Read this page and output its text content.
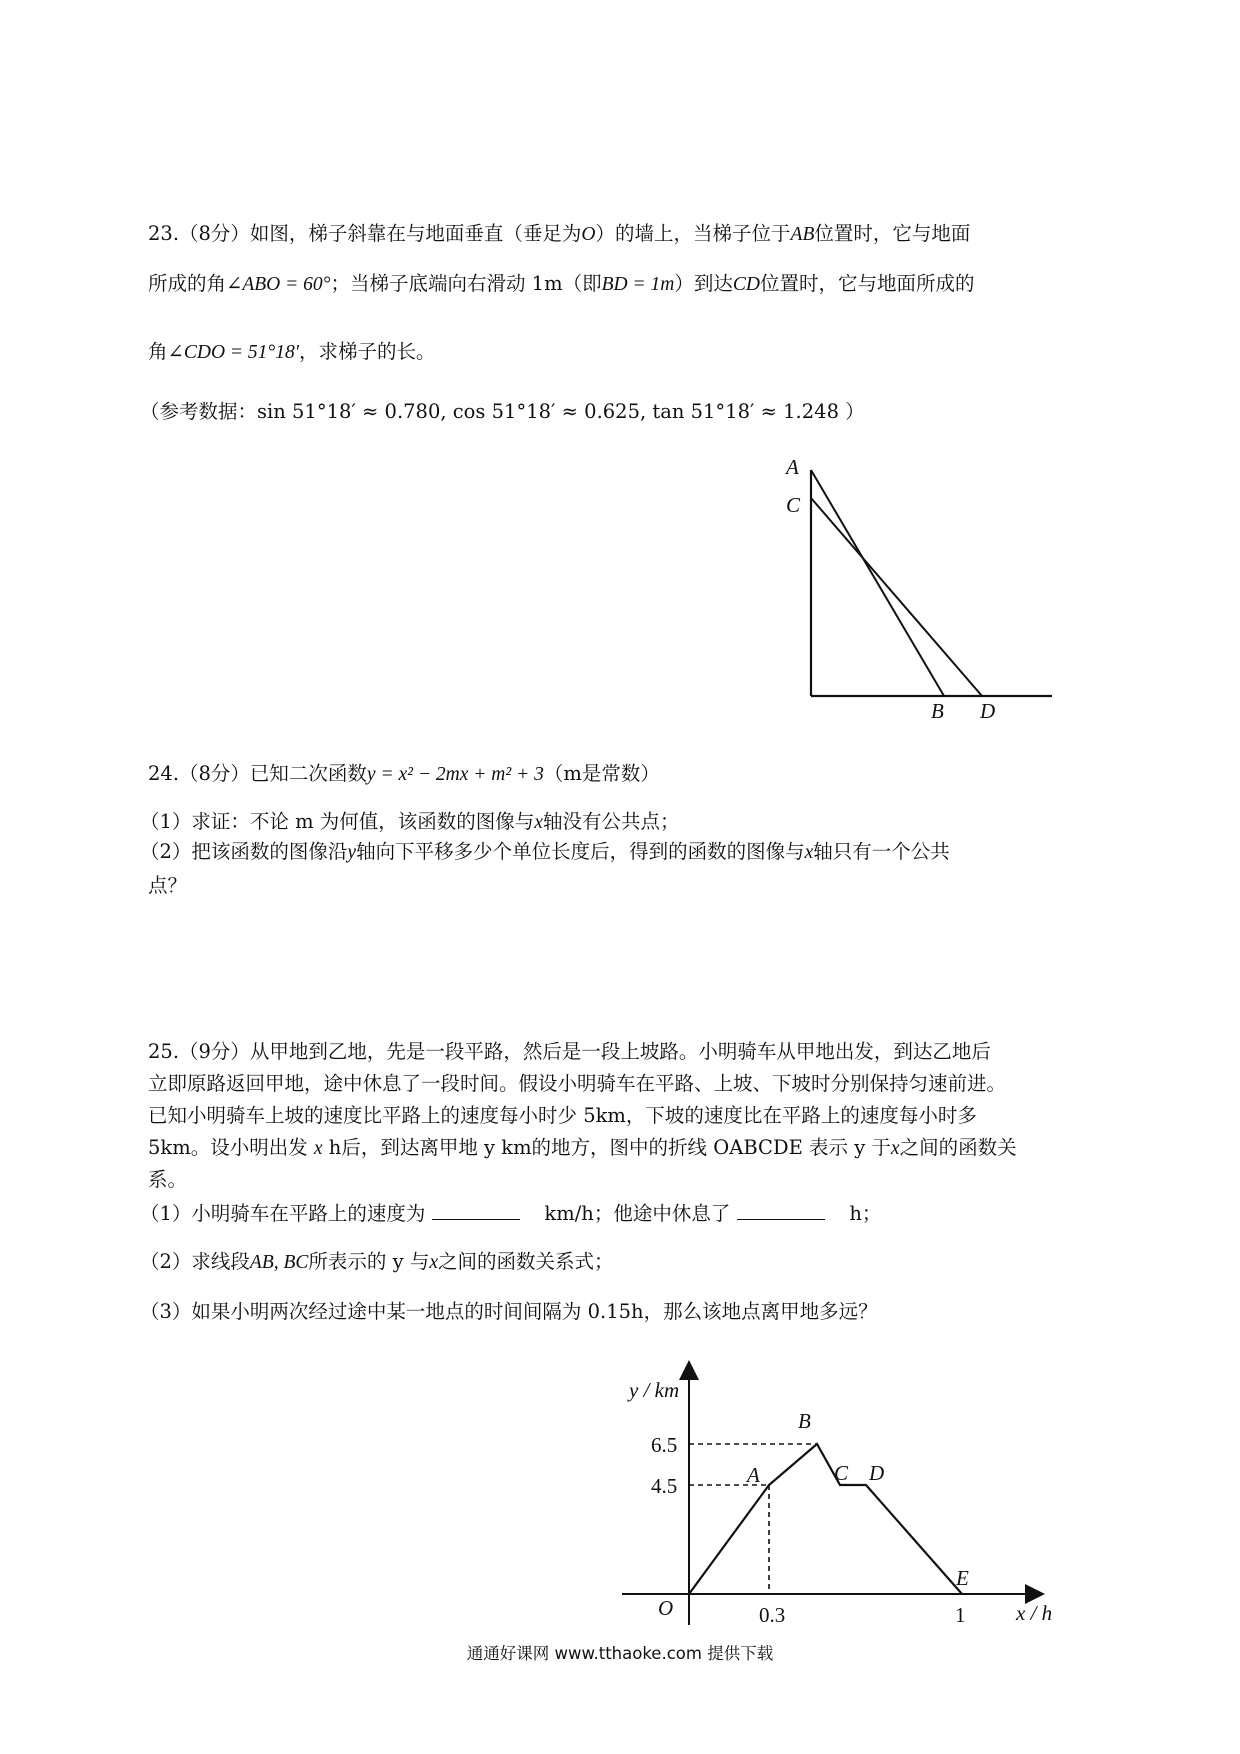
23.（8分）如图，梯子斜靠在与地面垂直（垂足为O）的墙上，当梯子位于AB位置时，它与地面
所成的角∠ABO = 60°；当梯子底端向右滑动 1m（即BD = 1m）到达CD位置时，它与地面所成的
角∠CDO = 51°18′，求梯子的长。
（参考数据：sin 51°18′ ≈ 0.780, cos 51°18′ ≈ 0.625, tan 51°18′ ≈ 1.248 ）
A
C
B D
24.（8分）已知二次函数y = x² − 2mx + m² + 3（m是常数）
（1）求证：不论 m 为何值，该函数的图像与x轴没有公共点；
（2）把该函数的图像沿y轴向下平移多少个单位长度后，得到的函数的图像与x轴只有一个公共
点？
25.（9分）从甲地到乙地，先是一段平路，然后是一段上坡路。小明骑车从甲地出发，到达乙地后
立即原路返回甲地，途中休息了一段时间。假设小明骑车在平路、上坡、下坡时分别保持匀速前进。
已知小明骑车上坡的速度比平路上的速度每小时少 5km，下坡的速度比在平路上的速度每小时多
5km。设小明出发 x h后，到达离甲地 y km的地方，图中的折线 OABCDE 表示 y 于x之间的函数关
系。
（1）小明骑车在平路上的速度为	km/h；他途中休息了	h；
（2）求线段AB, BC所表示的 y 与x之间的函数关系式；
（3）如果小明两次经过途中某一地点的时间间隔为 0.15h，那么该地点离甲地多远？
y / km
x / h
O
A
B
C D
E
6.5
4.5
0.3	1
通通好课网 www.tthaoke.com 提供下载
